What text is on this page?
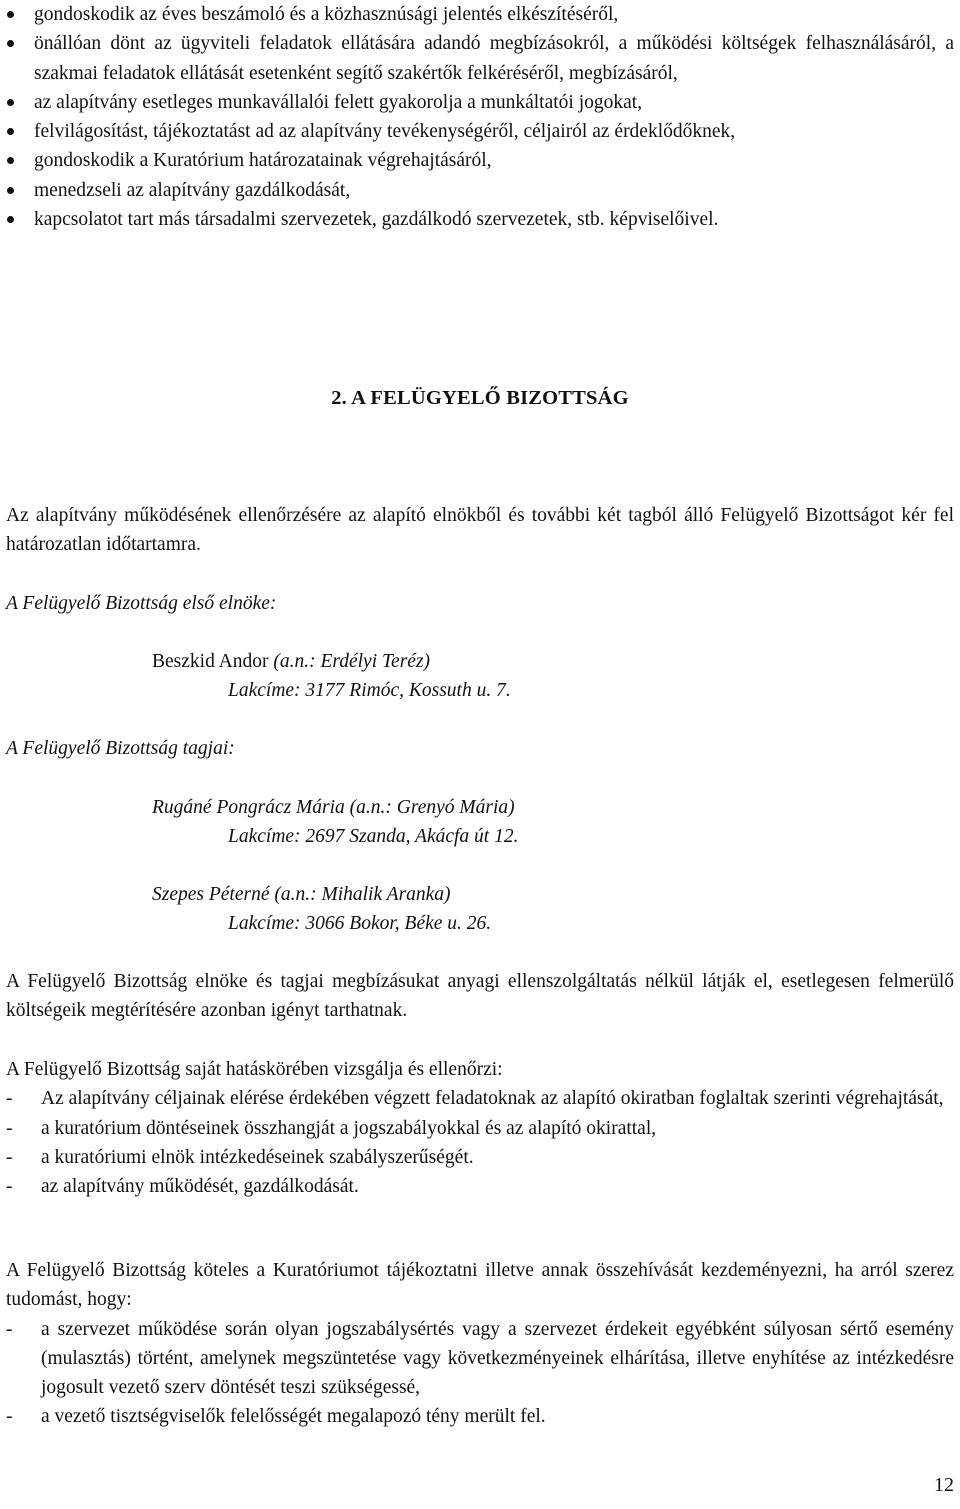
gondoskodik az éves beszámoló és a közhasznúsági jelentés elkészítéséről,
önállóan dönt az ügyviteli feladatok ellátására adandó megbízásokról, a működési költségek felhasználásáról, a szakmai feladatok ellátását esetenként segítő szakértők felkéréséről, megbízásáról,
az alapítvány esetleges munkavállalói felett gyakorolja a munkáltatói jogokat,
felvilágosítást, tájékoztatást ad az alapítvány tevékenységéről, céljairól az érdeklődőknek,
gondoskodik a Kuratórium határozatainak végrehajtásáról,
menedzseli az alapítvány gazdálkodását,
kapcsolatot tart más társadalmi szervezetek, gazdálkodó szervezetek, stb. képviselőivel.
2. A FELÜGYELŐ BIZOTTSÁG
Az alapítvány működésének ellenőrzésére az alapító elnökből és további két tagból álló Felügyelő Bizottságot kér fel határozatlan időtartamra.
A Felügyelő Bizottság első elnöke:
Beszkid Andor (a.n.: Erdélyi Teréz)
Lakcíme: 3177 Rimóc, Kossuth u. 7.
A Felügyelő Bizottság tagjai:
Rugáné Pongrácz Mária (a.n.: Grenyó Mária)
Lakcíme: 2697 Szanda, Akácfa út 12.
Szepes Péterné (a.n.: Mihalik Aranka)
Lakcíme: 3066 Bokor, Béke u. 26.
A Felügyelő Bizottság elnöke és tagjai megbízásukat anyagi ellenszolgáltatás nélkül látják el, esetlegesen felmerülő költségeik megtérítésére azonban igényt tarthatnak.
A Felügyelő Bizottság saját hatáskörében vizsgálja és ellenőrzi:
- Az alapítvány céljainak elérése érdekében végzett feladatoknak az alapító okiratban foglaltak szerinti végrehajtását,
- a kuratórium döntéseinek összhangját a jogszabályokkal és az alapító okirattal,
- a kuratóriumi elnök intézkedéseinek szabályszerűségét.
- az alapítvány működését, gazdálkodását.
A Felügyelő Bizottság köteles a Kuratóriumot tájékoztatni illetve annak összehívását kezdeményezni, ha arról szerez tudomást, hogy:
- a szervezet működése során olyan jogszabálysértés vagy a szervezet érdekeit egyébként súlyosan sértő esemény (mulasztás) történt, amelynek megszüntetése vagy következményeinek elhárítása, illetve enyhítése az intézkedésre jogosult vezető szerv döntését teszi szükségessé,
- a vezető tisztségviselők felelősségét megalapozó tény merült fel.
12
